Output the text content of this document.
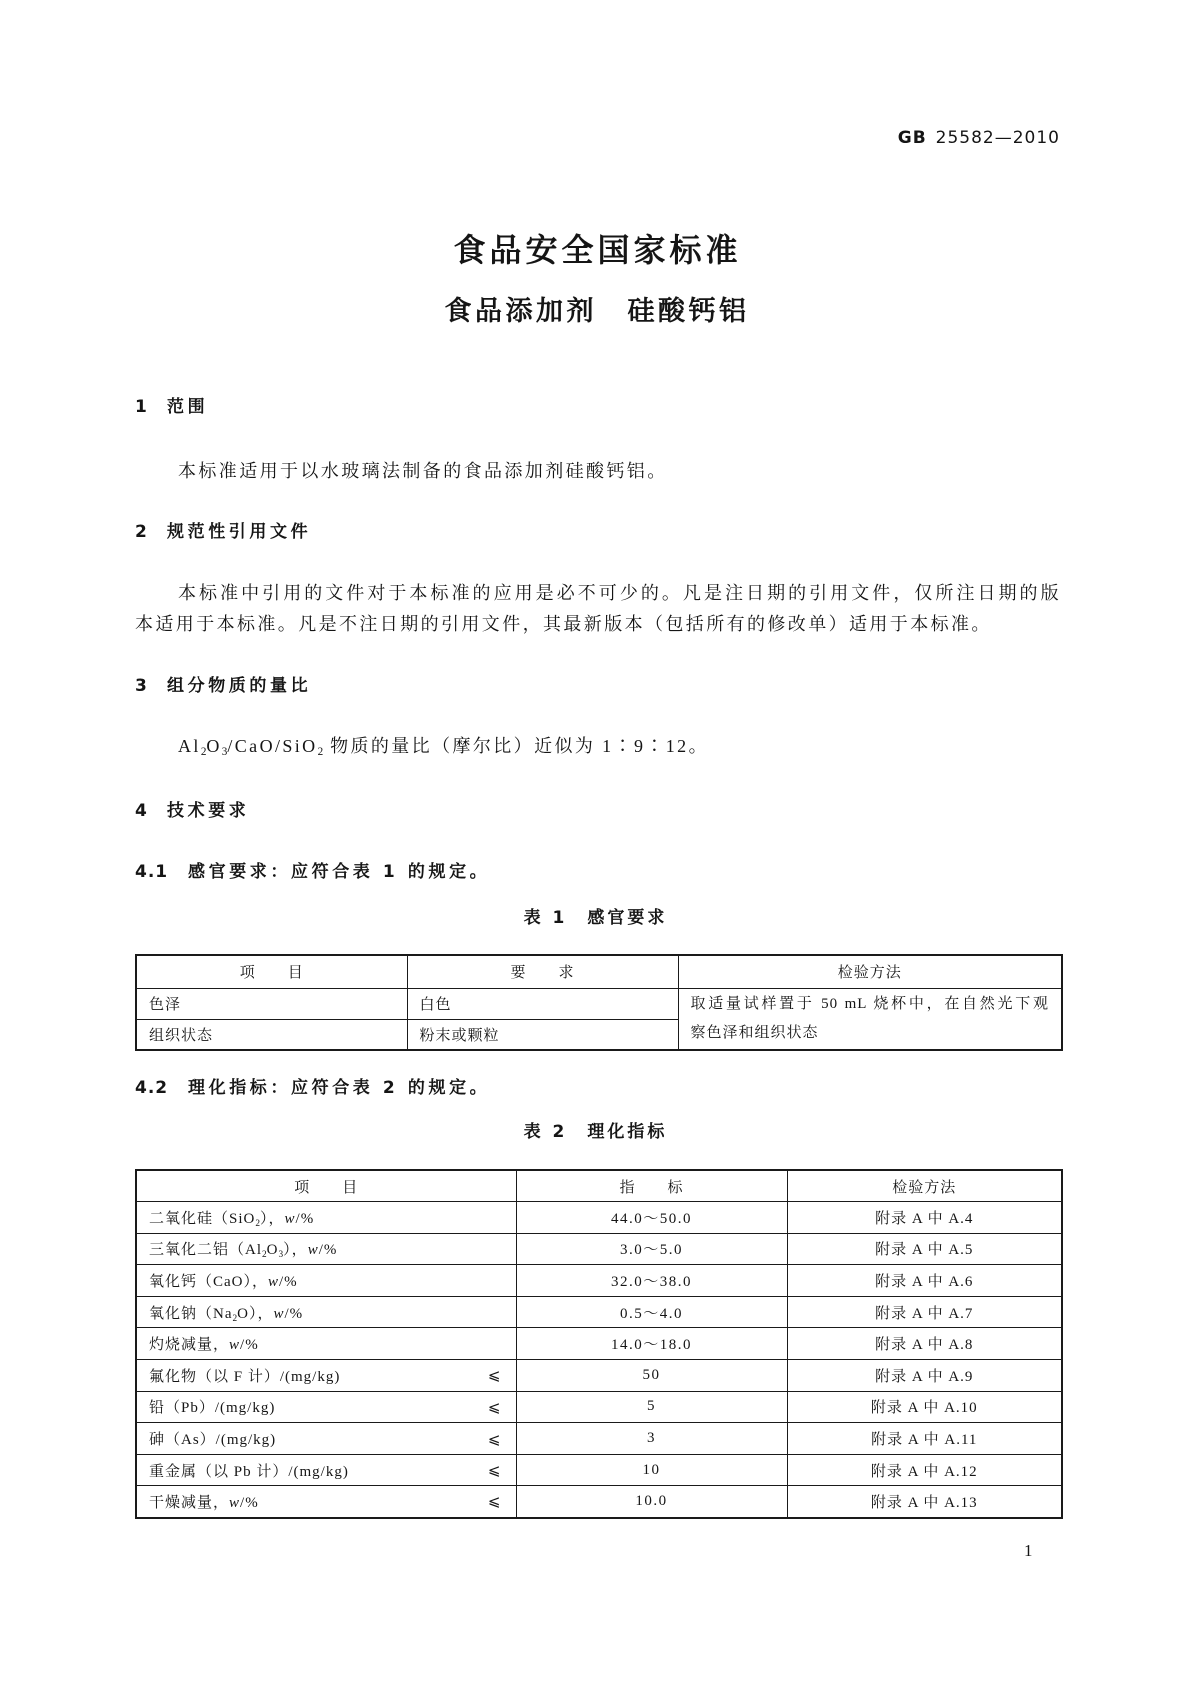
GB 25582—2010
食品安全国家标准
食品添加剂　硅酸钙铝
1 范围
本标准适用于以水玻璃法制备的食品添加剂硅酸钙铝。
2 规范性引用文件
本标准中引用的文件对于本标准的应用是必不可少的。凡是注日期的引用文件，仅所注日期的版
本适用于本标准。凡是不注日期的引用文件，其最新版本（包括所有的修改单）适用于本标准。
3 组分物质的量比
$Al_2O_3/CaO/SiO_2$ 物质的量比（摩尔比）近似为 1∶9∶12。
4 技术要求
4.1 感官要求：应符合表 1 的规定。
表 1　感官要求
项　　目	要　　求	检验方法
色泽	白色	取适量试样置于 50 mL 烧杯中，在自然光下观
察色泽和组织状态

组织状态	粉末或颗粒	
4.2 理化指标：应符合表 2 的规定。
表 2　理化指标
项　　目	指　　标	检验方法
二氧化硅（SiO$_2$），w/%	44.0～50.0	附录 A 中 A.4
三氧化二铝$(Al_2O_3)$，w/%	3.0～5.0	附录 A 中 A.5
氧化钙（CaO），w/%	32.0～38.0	附录 A 中 A.6
氧化钠$(Na_2O)$，w/%	0.5～4.0	附录 A 中 A.7
灼烧减量，w/%	14.0～18.0	附录 A 中 A.8
氟化物（以 F 计）/(mg/kg) ⩽	50	附录 A 中 A.9
铅（Pb）/(mg/kg) ⩽	5	附录 A 中 A.10
砷（As）/(mg/kg) ⩽	3	附录 A 中 A.11
重金属（以 Pb 计）/(mg/kg) ⩽	10	附录 A 中 A.12
干燥减量，w/% ⩽	10.0	附录 A 中 A.13
1
